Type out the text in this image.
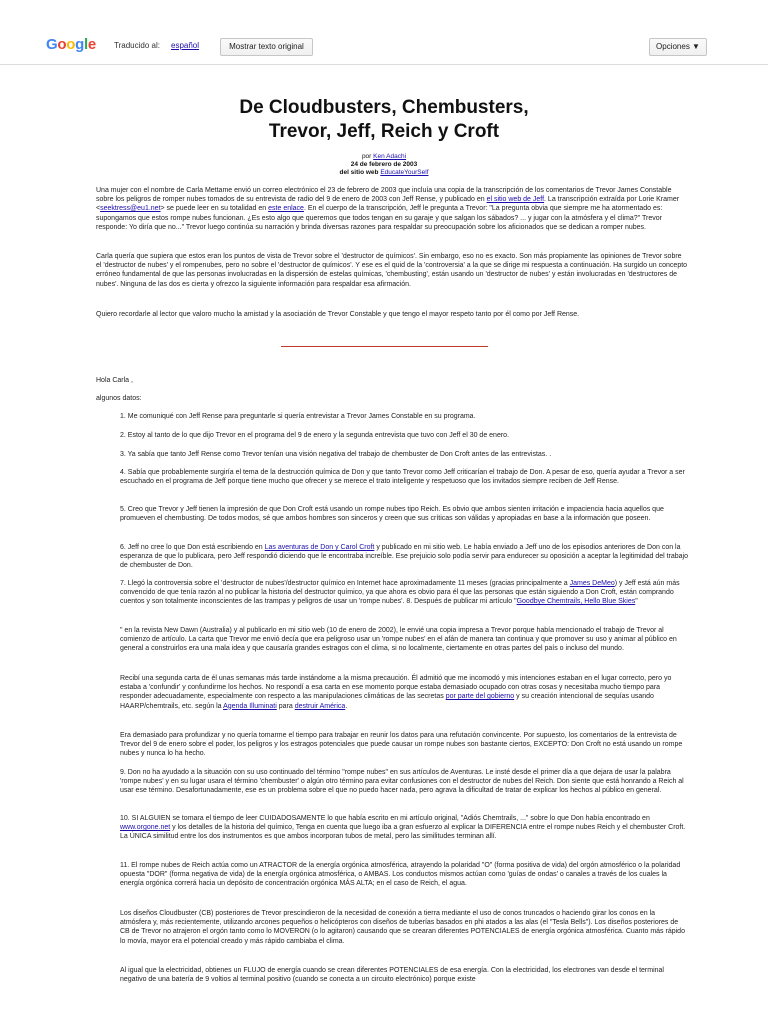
Google Traducido al: español	Mostrar texto original	Opciones ▼
De Cloudbusters, Chembusters,
Trevor, Jeff, Reich y Croft
por Ken Adachi
24 de febrero de 2003
del sitio web EducateYourSelf
Una mujer con el nombre de Carla Mettame envió un correo electrónico el 23 de febrero de 2003 que incluía una copia de la transcripción de los comentarios de Trevor James Constable sobre los peligros de romper nubes tomados de su entrevista de radio del 9 de enero de 2003 con Jeff Rense, y publicado en el sitio web de Jeff. La transcripción extraída por Lorie Kramer <seektress@eu1.net> se puede leer en su totalidad en este enlace. En el cuerpo de la transcripción, Jeff le pregunta a Trevor: "La pregunta obvia que siempre me ha atormentado es: supongamos que estos rompe nubes funcionan. ¿Es esto algo que queremos que todos tengan en su garaje y que salgan los sábados? ... y jugar con la atmósfera y el clima?" Trevor responde: Yo diría que no..." Trevor luego continúa su narración y brinda diversas razones para respaldar su preocupación sobre los aficionados que se dedican a romper nubes.
Carla quería que supiera que estos eran los puntos de vista de Trevor sobre el 'destructor de químicos'. Sin embargo, eso no es exacto. Son más propiamente las opiniones de Trevor sobre el 'destructor de nubes' y el rompenubes, pero no sobre el 'destructor de químicos'. Y ese es el quid de la 'controversia' a la que se dirige mi respuesta a continuación. Ha surgido un concepto erróneo fundamental de que las personas involucradas en la dispersión de estelas químicas, 'chembusting', están usando un 'destructor de nubes' y están involucradas en 'destructores de nubes'. Ninguna de las dos es cierta y ofrezco la siguiente información para respaldar esa afirmación.
Quiero recordarle al lector que valoro mucho la amistad y la asociación de Trevor Constable y que tengo el mayor respeto tanto por él como por Jeff Rense.
Hola Carla ,
algunos datos:
1. Me comuniqué con Jeff Rense para preguntarle si quería entrevistar a Trevor James Constable en su programa.
2. Estoy al tanto de lo que dijo Trevor en el programa del 9 de enero y la segunda entrevista que tuvo con Jeff el 30 de enero.
3. Ya sabía que tanto Jeff Rense como Trevor tenían una visión negativa del trabajo de chembuster de Don Croft antes de las entrevistas. .
4. Sabía que probablemente surgiría el tema de la destrucción química de Don y que tanto Trevor como Jeff criticarían el trabajo de Don. A pesar de eso, quería ayudar a Trevor a ser escuchado en el programa de Jeff porque tiene mucho que ofrecer y se merece el trato inteligente y respetuoso que los invitados siempre reciben de Jeff Rense.
5. Creo que Trevor y Jeff tienen la impresión de que Don Croft está usando un rompe nubes tipo Reich. Es obvio que ambos sienten irritación e impaciencia hacia aquellos que promueven el chembusting. De todos modos, sé que ambos hombres son sinceros y creen que sus críticas son válidas y apropiadas en base a la información que poseen.
6. Jeff no cree lo que Don está escribiendo en Las aventuras de Don y Carol Croft y publicado en mi sitio web. Le había enviado a Jeff uno de los episodios anteriores de Don con la esperanza de que lo publicara, pero Jeff respondió diciendo que le encontraba increíble. Ese prejuicio solo podía servir para endurecer su oposición a aceptar la legitimidad del trabajo de chembuster de Don.
7. Llegó la controversia sobre el 'destructor de nubes'/destructor químico en Internet hace aproximadamente 11 meses (gracias principalmente a James DeMeo) y Jeff está aún más convencido de que tenía razón al no publicar la historia del destructor químico, ya que ahora es obvio para él que las personas que están siguiendo a Don Croft, están comprando cuentos y son totalmente inconscientes de las trampas y peligros de usar un 'rompe nubes'. 8. Después de publicar mi artículo "Goodbye Chemtrails, Hello Blue Skies"
" en la revista New Dawn (Australia) y al publicarlo en mi sitio web (10 de enero de 2002), le envié una copia impresa a Trevor porque había mencionado el trabajo de Trevor al comienzo de artículo. La carta que Trevor me envió decía que era peligroso usar un 'rompe nubes' en el afán de manera tan continua y que promover su uso y animar al público en general a construirlos era una mala idea y que causaría grandes estragos con el clima, si no localmente, ciertamente en otras partes del país o incluso del mundo.
Recibí una segunda carta de él unas semanas más tarde instándome a la misma precaución. Él admitió que me incomodó y mis intenciones estaban en el lugar correcto, pero yo estaba a 'confundir' y confundirme los hechos. No respondí a esa carta en ese momento porque estaba demasiado ocupado con otras cosas y necesitaba mucho tiempo para responder adecuadamente, especialmente con respecto a las manipulaciones climáticas de las secretas por parte del gobierno y su creación intencional de sequías usando HAARP/chemtrails, etc. según la Agenda Illuminati para destruir América.
Era demasiado para profundizar y no quería tomarme el tiempo para trabajar en reunir los datos para una refutación convincente. Por supuesto, los comentarios de la entrevista de Trevor del 9 de enero sobre el poder, los peligros y los estragos potenciales que puede causar un rompe nubes son bastante ciertos, EXCEPTO: Don Croft no está usando un rompe nubes y nunca lo ha hecho.
9. Don no ha ayudado a la situación con su uso continuado del término "rompe nubes" en sus artículos de Aventuras. Le insté desde el primer día a que dejara de usar la palabra 'rompe nubes' y en su lugar usara el término 'chembuster' o algún otro término para evitar confusiones con el destructor de nubes del Reich. Don siente que está honrando a Reich al usar ese término. Desafortunadamente, ese es un problema sobre el que no puedo hacer nada, pero agrava la dificultad de tratar de explicar los hechos al público en general.
10. SI ALGUIEN se tomara el tiempo de leer CUIDADOSAMENTE lo que había escrito en mi artículo original, "Adiós Chemtrails, ..." sobre lo que Don había encontrado en www.orgone.net y los detalles de la historia del químico, Tenga en cuenta que luego iba a gran esfuerzo al explicar la DIFERENCIA entre el rompe nubes Reich y el chembuster Croft. La ÚNICA similitud entre los dos instrumentos es que ambos incorporan tubos de metal, pero las similitudes terminan allí.
11. El rompe nubes de Reich actúa como un ATRACTOR de la energía orgónica atmosférica, atrayendo la polaridad "O" (forma positiva de vida) del orgón atmosférico o la polaridad opuesta "DOR" (forma negativa de vida) de la energía orgónica atmosférica, o AMBAS. Los conductos mismos actúan como 'guías de ondas' o canales a través de los cuales la energía orgónica correrá hacia un depósito de concentración orgónica MÁS ALTA; en el caso de Reich, el agua.
Los diseños Cloudbuster (CB) posteriores de Trevor prescindieron de la necesidad de conexión a tierra mediante el uso de conos truncados o haciendo girar los conos en la atmósfera y, más recientemente, utilizando arcones pequeños o helicópteros con diseños de tuberías basados en phi atados a las alas (el "Tesla Bells"). Los diseños posteriores de CB de Trevor no atrajeron el orgón tanto como lo MOVERON (o lo agitaron) causando que se crearan diferentes POTENCIALES de energía orgónica atmosférica. Cuanto más rápido lo movía, mayor era el potencial creado y más rápido cambiaba el clima.
Al igual que la electricidad, obtienes un FLUJO de energía cuando se crean diferentes POTENCIALES de esa energía. Con la electricidad, los electrones van desde el terminal negativo de una batería de 9 voltios al terminal positivo (cuando se conecta a un circuito electrónico) porque existe
